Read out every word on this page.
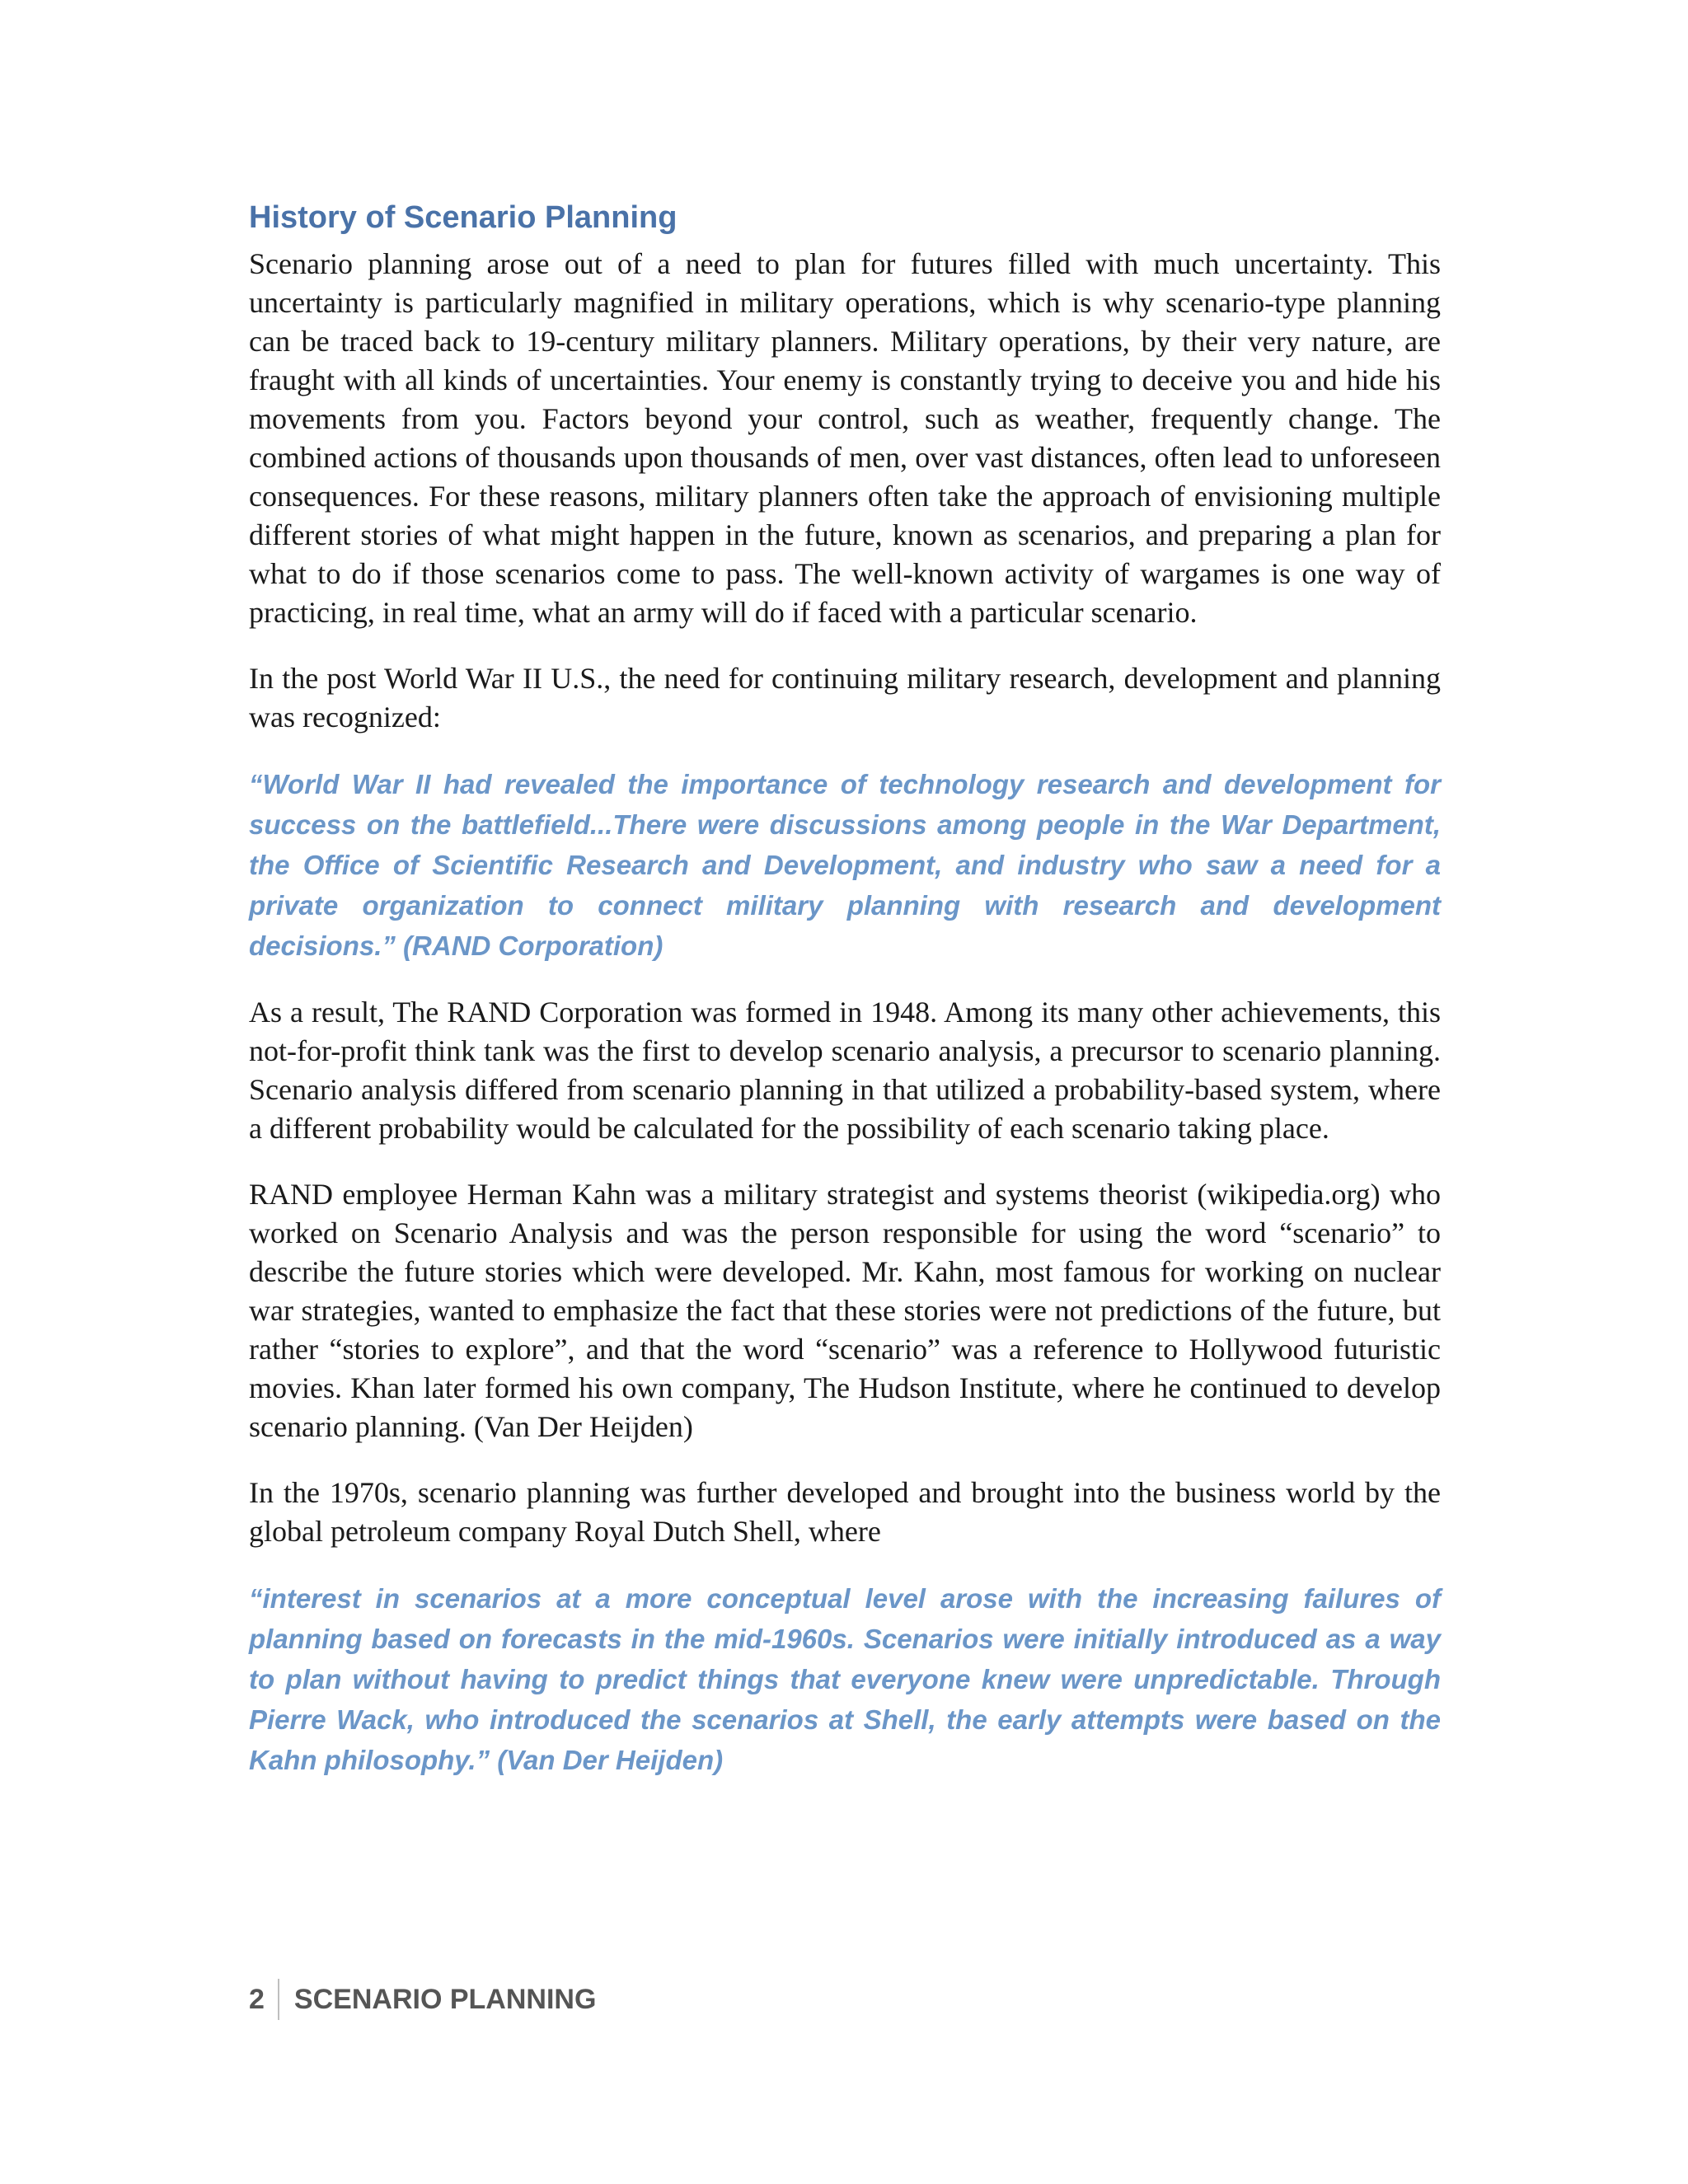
History of Scenario Planning

Scenario planning arose out of a need to plan for futures filled with much uncertainty. This uncertainty is particularly magnified in military operations, which is why scenario-type planning can be traced back to 19-century military planners. Military operations, by their very nature, are fraught with all kinds of uncertainties. Your enemy is constantly trying to deceive you and hide his movements from you. Factors beyond your control, such as weather, frequently change. The combined actions of thousands upon thousands of men, over vast distances, often lead to unforeseen consequences. For these reasons, military planners often take the approach of envisioning multiple different stories of what might happen in the future, known as scenarios, and preparing a plan for what to do if those scenarios come to pass. The well-known activity of wargames is one way of practicing, in real time, what an army will do if faced with a particular scenario.

In the post World War II U.S., the need for continuing military research, development and planning was recognized:

“World War II had revealed the importance of technology research and development for success on the battlefield...There were discussions among people in the War Department, the Office of Scientific Research and Development, and industry who saw a need for a private organization to connect military planning with research and development decisions.” (RAND Corporation)

As a result, The RAND Corporation was formed in 1948. Among its many other achievements, this not-for-profit think tank was the first to develop scenario analysis, a precursor to scenario planning. Scenario analysis differed from scenario planning in that utilized a probability-based system, where a different probability would be calculated for the possibility of each scenario taking place.

RAND employee Herman Kahn was a military strategist and systems theorist (wikipedia.org) who worked on Scenario Analysis and was the person responsible for using the word “scenario” to describe the future stories which were developed. Mr. Kahn, most famous for working on nuclear war strategies, wanted to emphasize the fact that these stories were not predictions of the future, but rather “stories to explore”, and that the word “scenario” was a reference to Hollywood futuristic movies. Khan later formed his own company, The Hudson Institute, where he continued to develop scenario planning. (Van Der Heijden)

In the 1970s, scenario planning was further developed and brought into the business world by the global petroleum company Royal Dutch Shell, where

“interest in scenarios at a more conceptual level arose with the increasing failures of planning based on forecasts in the mid-1960s. Scenarios were initially introduced as a way to plan without having to predict things that everyone knew were unpredictable. Through Pierre Wack, who introduced the scenarios at Shell, the early attempts were based on the Kahn philosophy.” (Van Der Heijden)

2	SCENARIO PLANNING
